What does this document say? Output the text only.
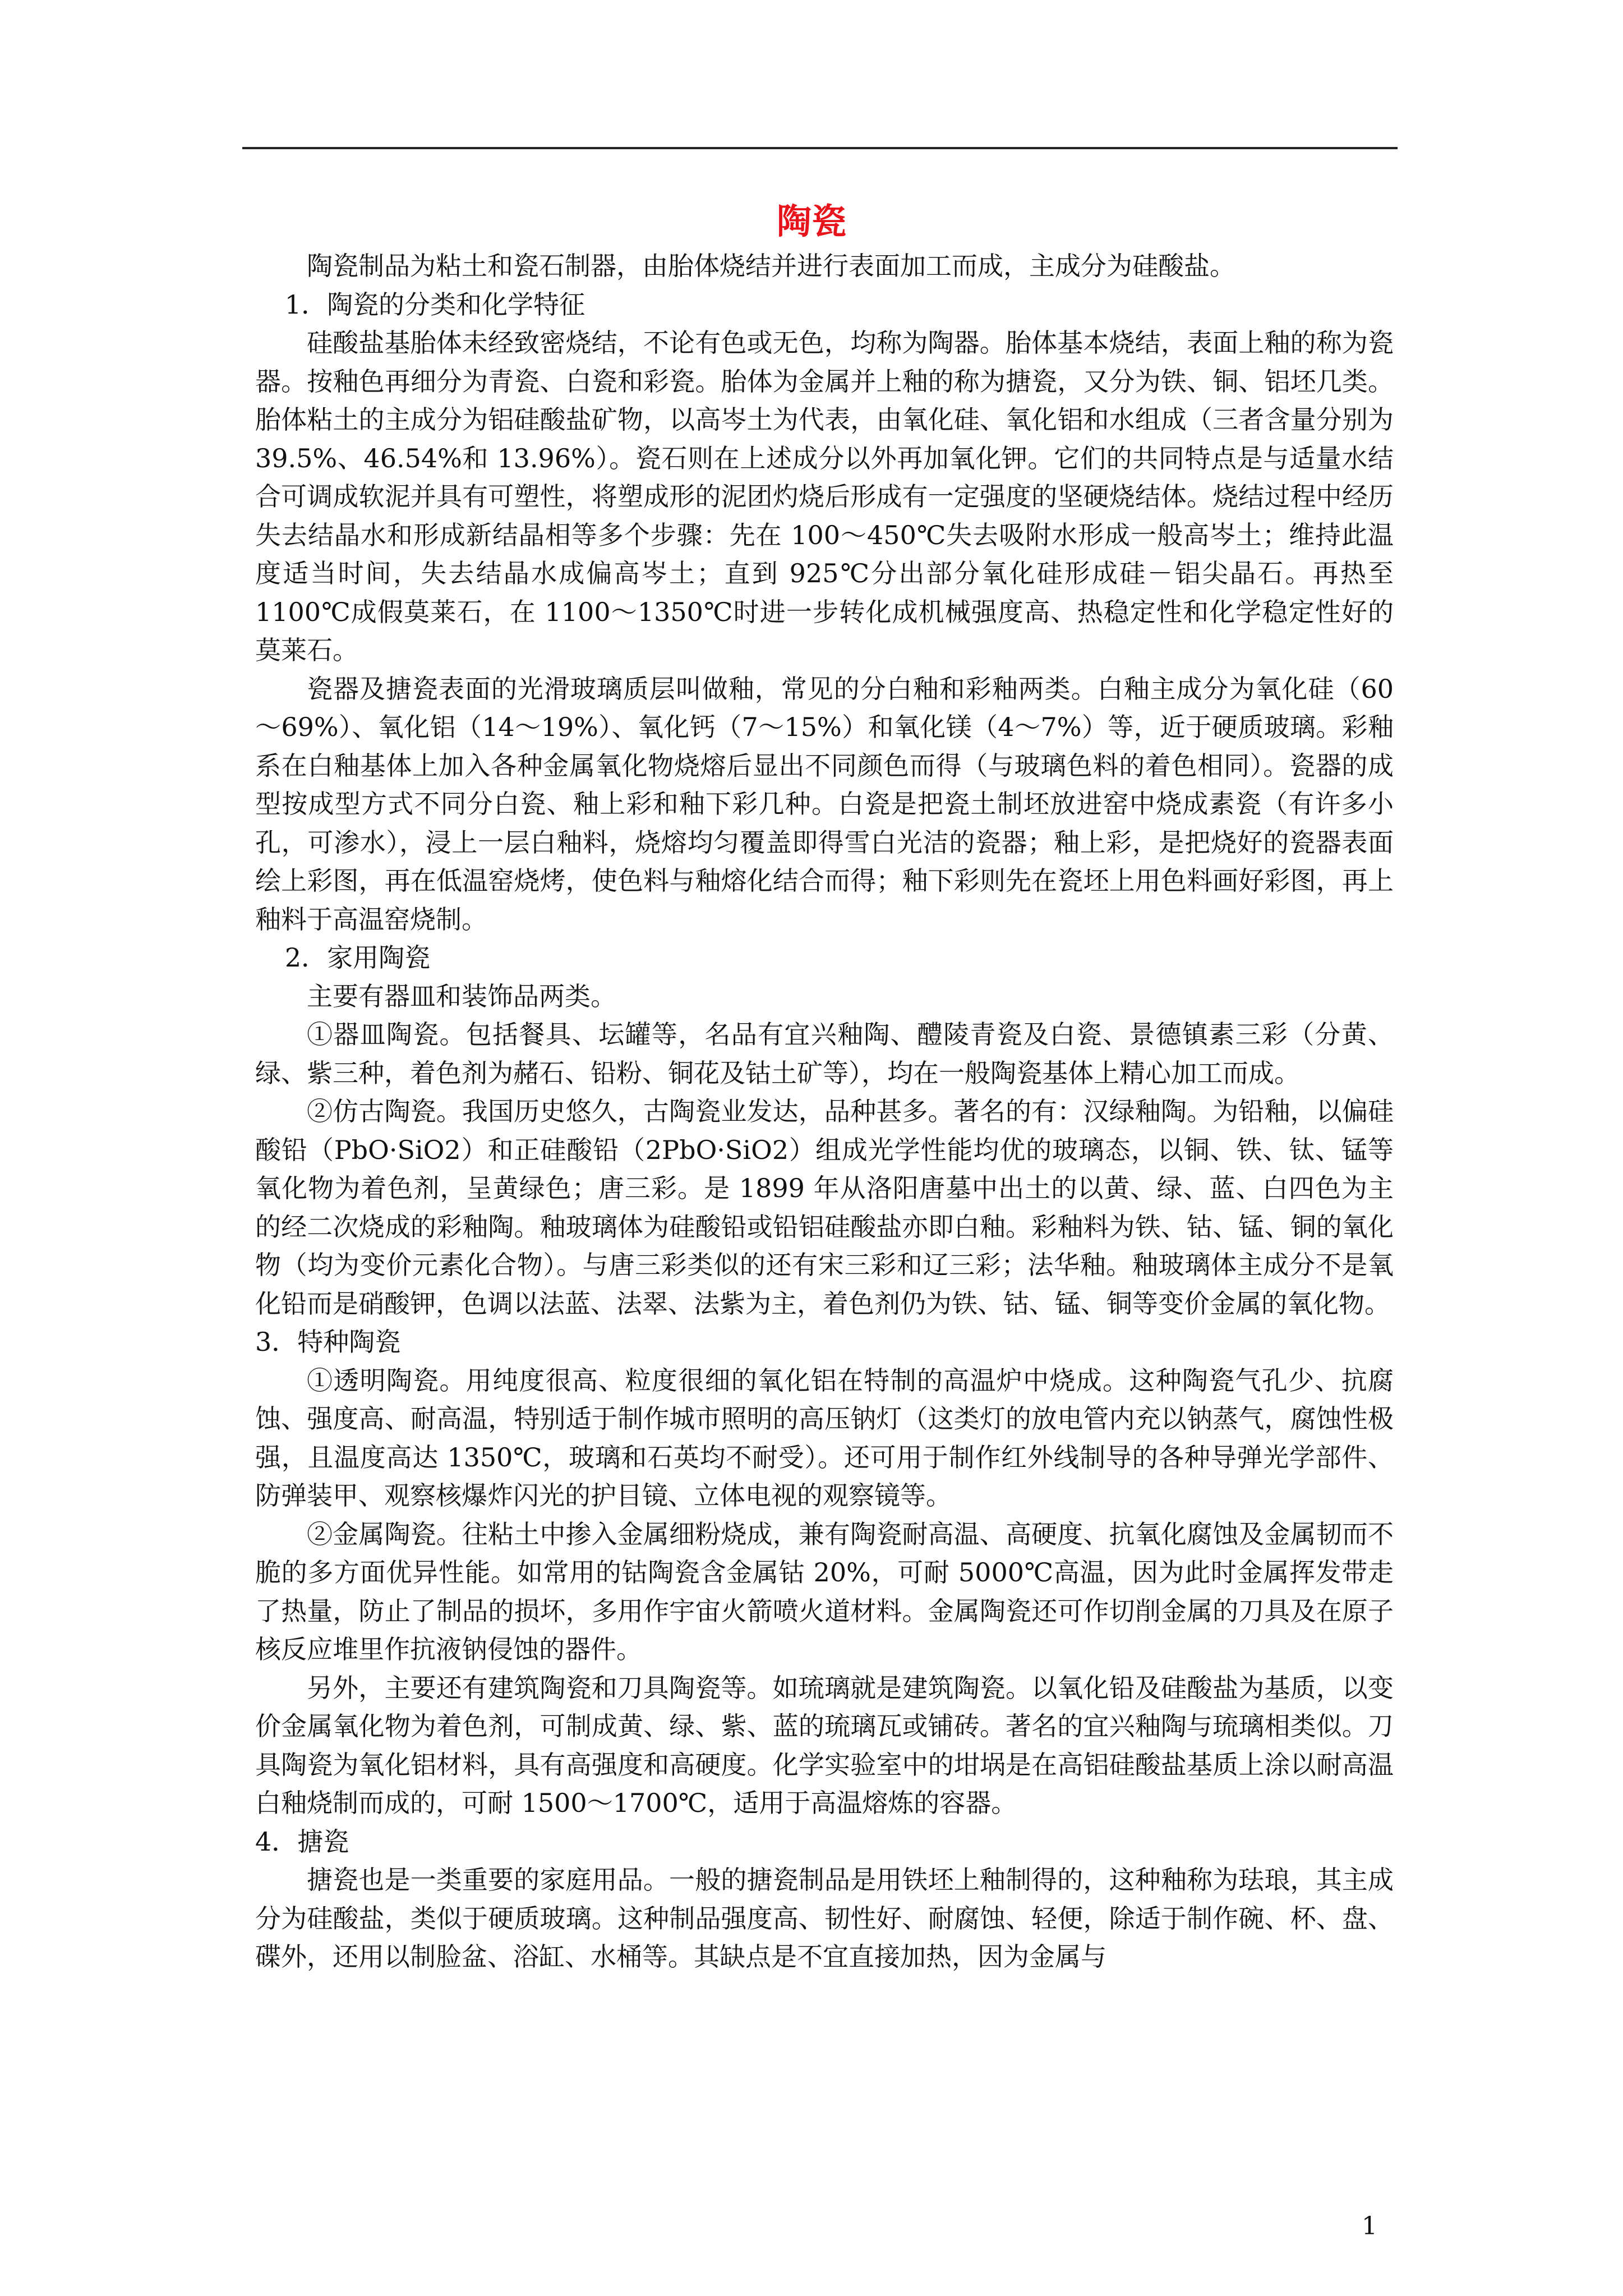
陶瓷

陶瓷制品为粘土和瓷石制器，由胎体烧结并进行表面加工而成，主成分为硅酸盐。

1．陶瓷的分类和化学特征

硅酸盐基胎体未经致密烧结，不论有色或无色，均称为陶器。胎体基本烧结，表面上釉的称为瓷器。按釉色再细分为青瓷、白瓷和彩瓷。胎体为金属并上釉的称为搪瓷，又分为铁、铜、铝坯几类。胎体粘土的主成分为铝硅酸盐矿物，以高岑土为代表，由氧化硅、氧化铝和水组成（三者含量分别为 39.5%、46.54%和 13.96%）。瓷石则在上述成分以外再加氧化钾。它们的共同特点是与适量水结合可调成软泥并具有可塑性，将塑成形的泥团灼烧后形成有一定强度的坚硬烧结体。烧结过程中经历失去结晶水和形成新结晶相等多个步骤：先在 100～450℃失去吸附水形成一般高岑土；维持此温度适当时间，失去结晶水成偏高岑土；直到 925℃分出部分氧化硅形成硅－铝尖晶石。再热至 1100℃成假莫莱石，在 1100～1350℃时进一步转化成机械强度高、热稳定性和化学稳定性好的莫莱石。

瓷器及搪瓷表面的光滑玻璃质层叫做釉，常见的分白釉和彩釉两类。白釉主成分为氧化硅（60～69%）、氧化铝（14～19%）、氧化钙（7～15%）和氧化镁（4～7%）等，近于硬质玻璃。彩釉系在白釉基体上加入各种金属氧化物烧熔后显出不同颜色而得（与玻璃色料的着色相同）。瓷器的成型按成型方式不同分白瓷、釉上彩和釉下彩几种。白瓷是把瓷土制坯放进窑中烧成素瓷（有许多小孔，可渗水），浸上一层白釉料，烧熔均匀覆盖即得雪白光洁的瓷器；釉上彩，是把烧好的瓷器表面绘上彩图，再在低温窑烧烤，使色料与釉熔化结合而得；釉下彩则先在瓷坯上用色料画好彩图，再上釉料于高温窑烧制。

2．家用陶瓷

主要有器皿和装饰品两类。

①器皿陶瓷。包括餐具、坛罐等，名品有宜兴釉陶、醴陵青瓷及白瓷、景德镇素三彩（分黄、绿、紫三种，着色剂为赭石、铅粉、铜花及钴土矿等），均在一般陶瓷基体上精心加工而成。

②仿古陶瓷。我国历史悠久，古陶瓷业发达，品种甚多。著名的有：汉绿釉陶。为铅釉，以偏硅酸铅（PbO·SiO2）和正硅酸铅（2PbO·SiO2）组成光学性能均优的玻璃态，以铜、铁、钛、锰等氧化物为着色剂，呈黄绿色；唐三彩。是 1899 年从洛阳唐墓中出土的以黄、绿、蓝、白四色为主的经二次烧成的彩釉陶。釉玻璃体为硅酸铅或铅铝硅酸盐亦即白釉。彩釉料为铁、钴、锰、铜的氧化物（均为变价元素化合物）。与唐三彩类似的还有宋三彩和辽三彩；法华釉。釉玻璃体主成分不是氧化铅而是硝酸钾，色调以法蓝、法翠、法紫为主，着色剂仍为铁、钴、锰、铜等变价金属的氧化物。

3．特种陶瓷

①透明陶瓷。用纯度很高、粒度很细的氧化铝在特制的高温炉中烧成。这种陶瓷气孔少、抗腐蚀、强度高、耐高温，特别适于制作城市照明的高压钠灯（这类灯的放电管内充以钠蒸气，腐蚀性极强，且温度高达 1350℃，玻璃和石英均不耐受）。还可用于制作红外线制导的各种导弹光学部件、防弹装甲、观察核爆炸闪光的护目镜、立体电视的观察镜等。

②金属陶瓷。往粘土中掺入金属细粉烧成，兼有陶瓷耐高温、高硬度、抗氧化腐蚀及金属韧而不脆的多方面优异性能。如常用的钴陶瓷含金属钴 20%，可耐 5000℃高温，因为此时金属挥发带走了热量，防止了制品的损坏，多用作宇宙火箭喷火道材料。金属陶瓷还可作切削金属的刀具及在原子核反应堆里作抗液钠侵蚀的器件。

另外，主要还有建筑陶瓷和刀具陶瓷等。如琉璃就是建筑陶瓷。以氧化铅及硅酸盐为基质，以变价金属氧化物为着色剂，可制成黄、绿、紫、蓝的琉璃瓦或铺砖。著名的宜兴釉陶与琉璃相类似。刀具陶瓷为氧化铝材料，具有高强度和高硬度。化学实验室中的坩埚是在高铝硅酸盐基质上涂以耐高温白釉烧制而成的，可耐 1500～1700℃，适用于高温熔炼的容器。

4．搪瓷

搪瓷也是一类重要的家庭用品。一般的搪瓷制品是用铁坯上釉制得的，这种釉称为珐琅，其主成分为硅酸盐，类似于硬质玻璃。这种制品强度高、韧性好、耐腐蚀、轻便，除适于制作碗、杯、盘、碟外，还用以制脸盆、浴缸、水桶等。其缺点是不宜直接加热，因为金属与

1
